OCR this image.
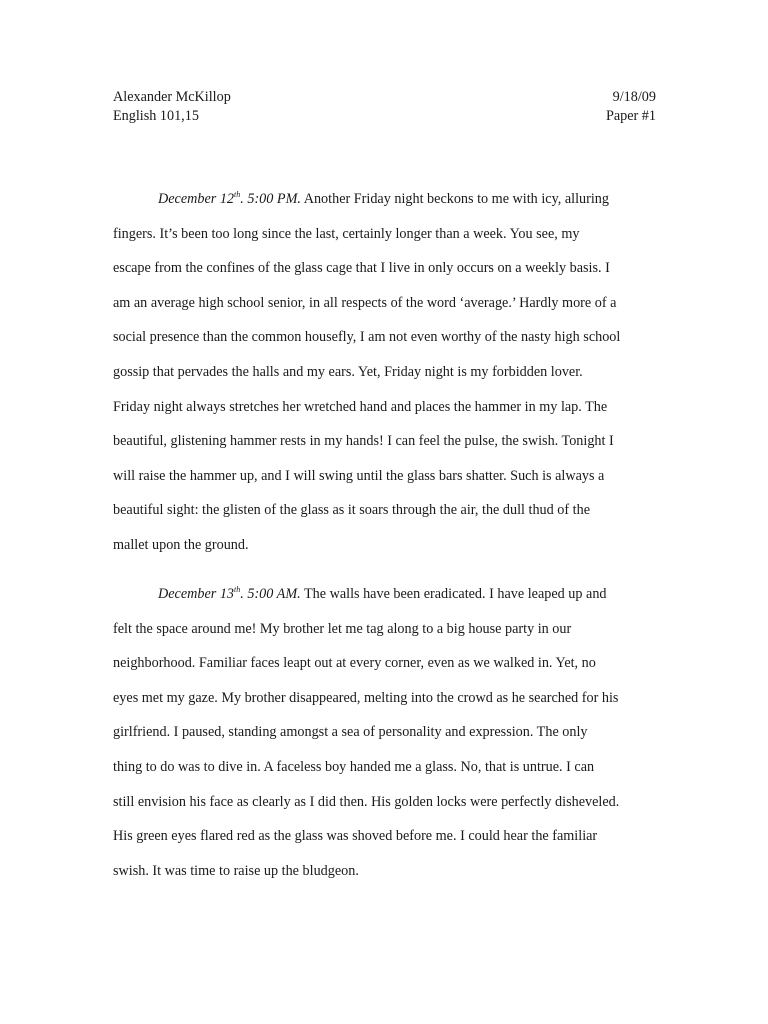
Alexander McKillop	9/18/09
English 101,15	Paper #1
December 12th. 5:00 PM. Another Friday night beckons to me with icy, alluring
fingers. It’s been too long since the last, certainly longer than a week. You see, my
escape from the confines of the glass cage that I live in only occurs on a weekly basis. I
am an average high school senior, in all respects of the word ‘average.’ Hardly more of a
social presence than the common housefly, I am not even worthy of the nasty high school
gossip that pervades the halls and my ears. Yet, Friday night is my forbidden lover.
Friday night always stretches her wretched hand and places the hammer in my lap. The
beautiful, glistening hammer rests in my hands! I can feel the pulse, the swish. Tonight I
will raise the hammer up, and I will swing until the glass bars shatter. Such is always a
beautiful sight: the glisten of the glass as it soars through the air, the dull thud of the
mallet upon the ground.
December 13th. 5:00 AM. The walls have been eradicated. I have leaped up and
felt the space around me! My brother let me tag along to a big house party in our
neighborhood. Familiar faces leapt out at every corner, even as we walked in. Yet, no
eyes met my gaze. My brother disappeared, melting into the crowd as he searched for his
girlfriend. I paused, standing amongst a sea of personality and expression. The only
thing to do was to dive in. A faceless boy handed me a glass. No, that is untrue. I can
still envision his face as clearly as I did then. His golden locks were perfectly disheveled.
His green eyes flared red as the glass was shoved before me. I could hear the familiar
swish. It was time to raise up the bludgeon.
